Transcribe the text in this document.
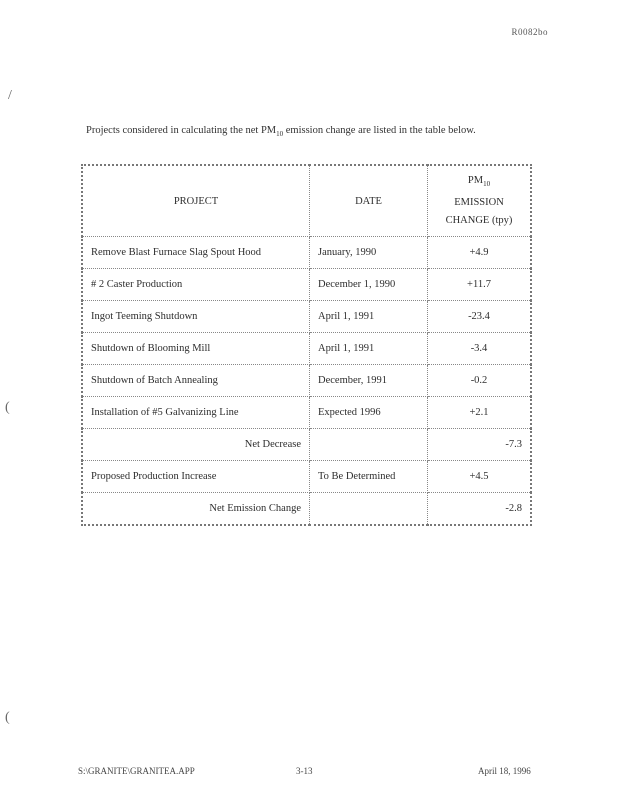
R0082bo
/
(
(
Projects considered in calculating the net $PM_{10}$ emission change are listed in the table below.
PROJECT	DATE	$PM_{10}$
EMISSION
CHANGE (tpy)
Remove Blast Furnace Slag Spout Hood	January, 1990	+4.9
# 2 Caster Production	December 1, 1990	+11.7
Ingot Teeming Shutdown	April 1, 1991	-23.4
Shutdown of Blooming Mill	April 1, 1991	-3.4
Shutdown of Batch Annealing	December, 1991	-0.2
Installation of #5 Galvanizing Line	Expected 1996	+2.1
Net Decrease		-7.3
Proposed Production Increase	To Be Determined	+4.5
Net Emission Change		-2.8
S:\GRANITE\GRANITEA.APP	3-13	April 18, 1996
